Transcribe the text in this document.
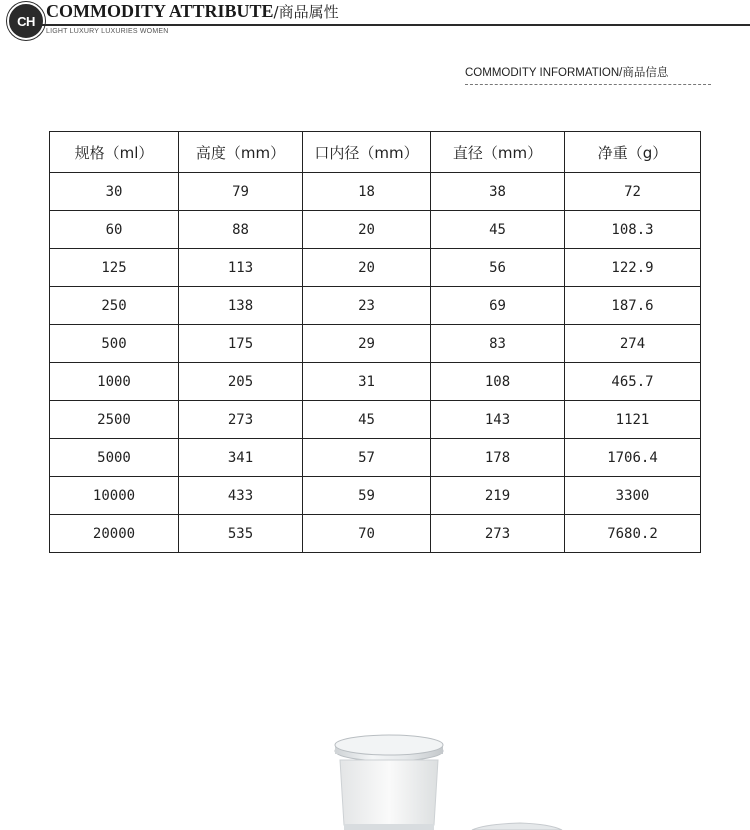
CH COMMODITY ATTRIBUTE/商品属性
LIGHT LUXURY LUXURIES WOMEN
COMMODITY INFORMATION/商品信息
规格（ml）	高度（mm）	口内径（mm）	直径（mm）	净重（g）
30	79	18	38	72
60	88	20	45	108.3
125	113	20	56	122.9
250	138	23	69	187.6
500	175	29	83	274
1000	205	31	108	465.7
2500	273	45	143	1121
5000	341	57	178	1706.4
10000	433	59	219	3300
20000	535	70	273	7680.2
